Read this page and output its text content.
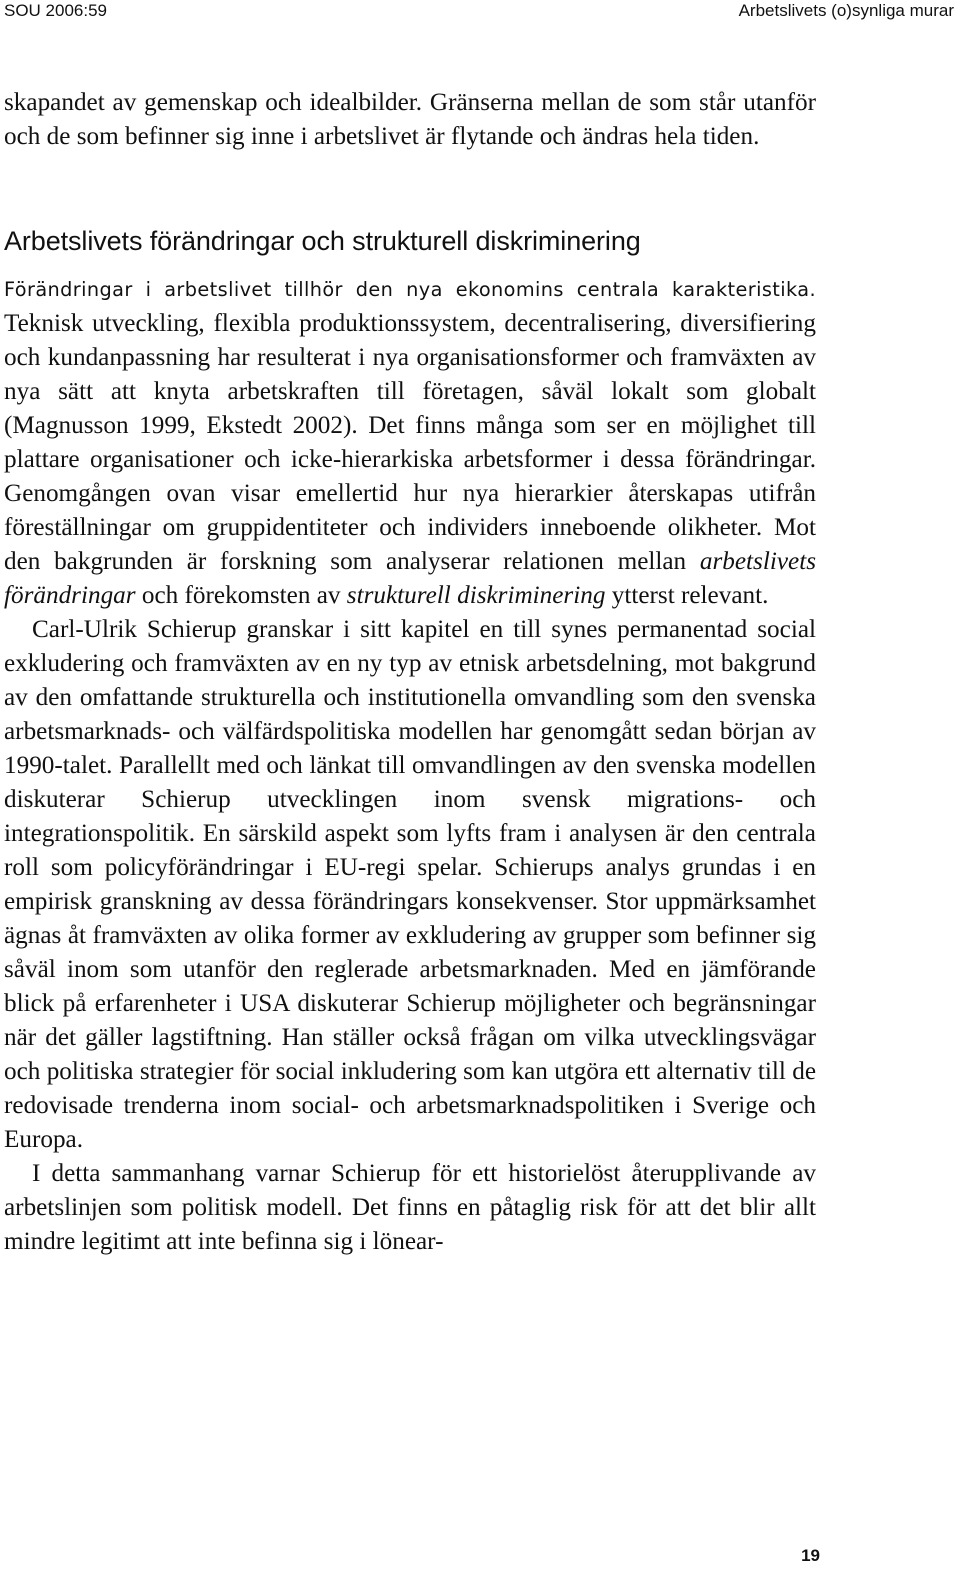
SOU 2006:59	Arbetslivets (o)synliga murar

skapandet av gemenskap och idealbilder. Gränserna mellan de som står utanför och de som befinner sig inne i arbetslivet är flytande och ändras hela tiden.

Arbetslivets förändringar och strukturell diskriminering

Förändringar i arbetslivet tillhör den nya ekonomins centrala karakteristika. Teknisk utveckling, flexibla produktionssystem, decentralisering, diversifiering och kundanpassning har resulterat i nya organisationsformer och framväxten av nya sätt att knyta arbetskraften till företagen, såväl lokalt som globalt (Magnusson 1999, Ekstedt 2002). Det finns många som ser en möjlighet till plattare organisationer och icke-hierarkiska arbetsformer i dessa förändringar. Genomgången ovan visar emellertid hur nya hierarkier återskapas utifrån föreställningar om gruppidentiteter och individers inneboende olikheter. Mot den bakgrunden är forskning som analyserar relationen mellan arbetslivets förändringar och förekomsten av strukturell diskriminering ytterst relevant.

Carl-Ulrik Schierup granskar i sitt kapitel en till synes permanentad social exkludering och framväxten av en ny typ av etnisk arbetsdelning, mot bakgrund av den omfattande strukturella och institutionella omvandling som den svenska arbetsmarknads- och välfärdspolitiska modellen har genomgått sedan början av 1990-talet. Parallellt med och länkat till omvandlingen av den svenska modellen diskuterar Schierup utvecklingen inom svensk migrations- och integrationspolitik. En särskild aspekt som lyfts fram i analysen är den centrala roll som policyförändringar i EU-regi spelar. Schierups analys grundas i en empirisk granskning av dessa förändringars konsekvenser. Stor uppmärksamhet ägnas åt framväxten av olika former av exkludering av grupper som befinner sig såväl inom som utanför den reglerade arbetsmarknaden. Med en jämförande blick på erfarenheter i USA diskuterar Schierup möjligheter och begränsningar när det gäller lagstiftning. Han ställer också frågan om vilka utvecklingsvägar och politiska strategier för social inkludering som kan utgöra ett alternativ till de redovisade trenderna inom social- och arbetsmarknadspolitiken i Sverige och Europa.

I detta sammanhang varnar Schierup för ett historielöst återupplivande av arbetslinjen som politisk modell. Det finns en påtaglig risk för att det blir allt mindre legitimt att inte befinna sig i lönear-

19
